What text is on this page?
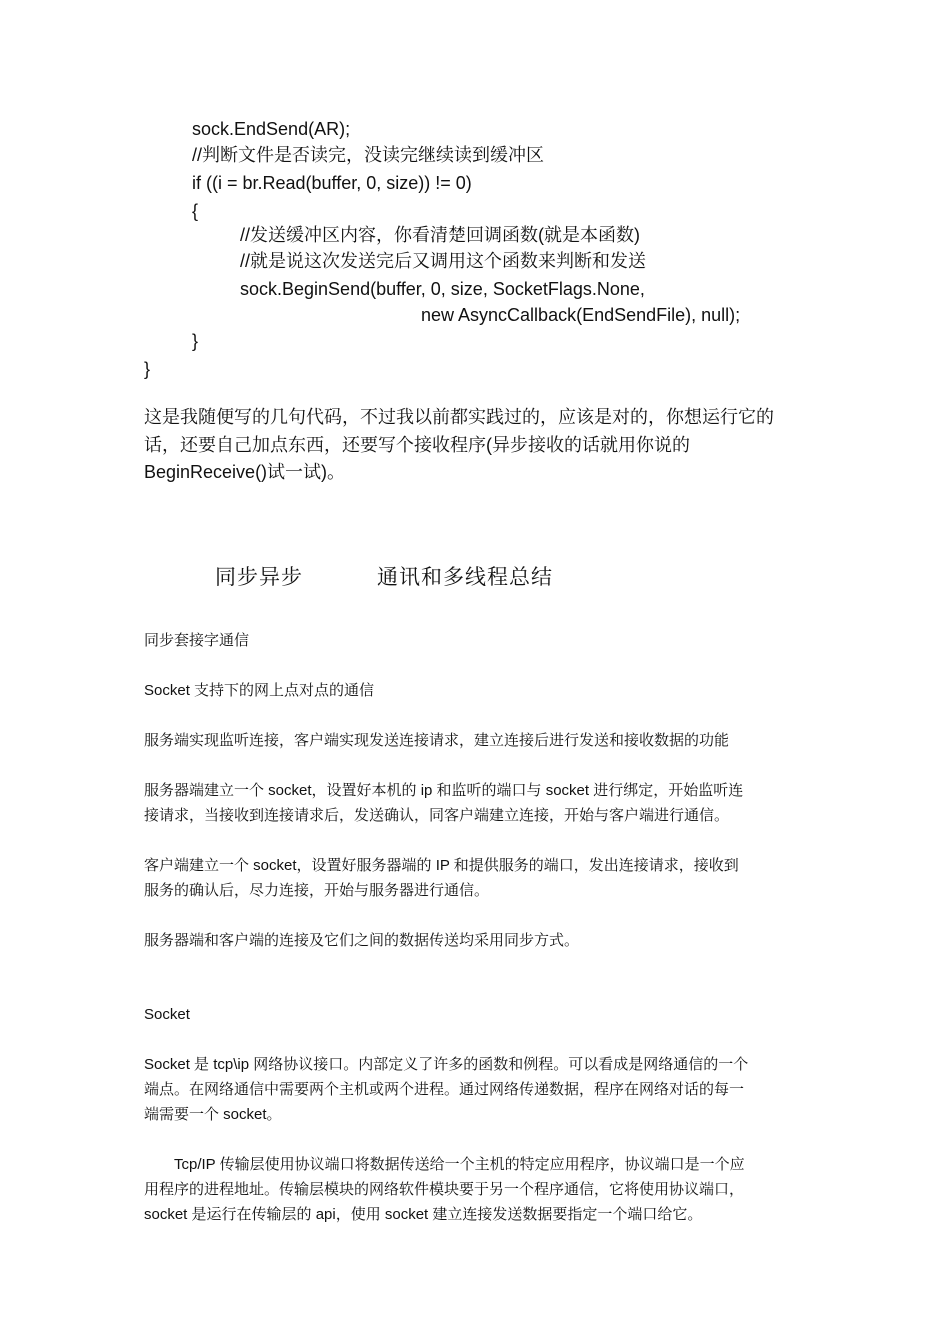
sock.EndSend(AR);
//判断文件是否读完，没读完继续读到缓冲区
if ((i = br.Read(buffer, 0, size)) != 0)
{
//发送缓冲区内容，你看清楚回调函数(就是本函数)
//就是说这次发送完后又调用这个函数来判断和发送
sock.BeginSend(buffer, 0, size, SocketFlags.None,
new AsyncCallback(EndSendFile), null);
}
}
这是我随便写的几句代码，不过我以前都实践过的，应该是对的，你想运行它的
话，还要自己加点东西，还要写个接收程序(异步接收的话就用你说的
BeginReceive()试一试)。
同步异步	通讯和多线程总结
同步套接字通信
Socket 支持下的网上点对点的通信
服务端实现监听连接，客户端实现发送连接请求，建立连接后进行发送和接收数据的功能
服务器端建立一个 socket，设置好本机的 ip 和监听的端口与 socket 进行绑定，开始监听连
接请求，当接收到连接请求后，发送确认，同客户端建立连接，开始与客户端进行通信。
客户端建立一个 socket，设置好服务器端的 IP 和提供服务的端口，发出连接请求，接收到
服务的确认后，尽力连接，开始与服务器进行通信。
服务器端和客户端的连接及它们之间的数据传送均采用同步方式。
Socket
Socket 是 tcp\ip 网络协议接口。内部定义了许多的函数和例程。可以看成是网络通信的一个
端点。在网络通信中需要两个主机或两个进程。通过网络传递数据，程序在网络对话的每一
端需要一个 socket。
Tcp/IP 传输层使用协议端口将数据传送给一个主机的特定应用程序，协议端口是一个应
用程序的进程地址。传输层模块的网络软件模块要于另一个程序通信，它将使用协议端口，
socket 是运行在传输层的 api，使用 socket 建立连接发送数据要指定一个端口给它。
